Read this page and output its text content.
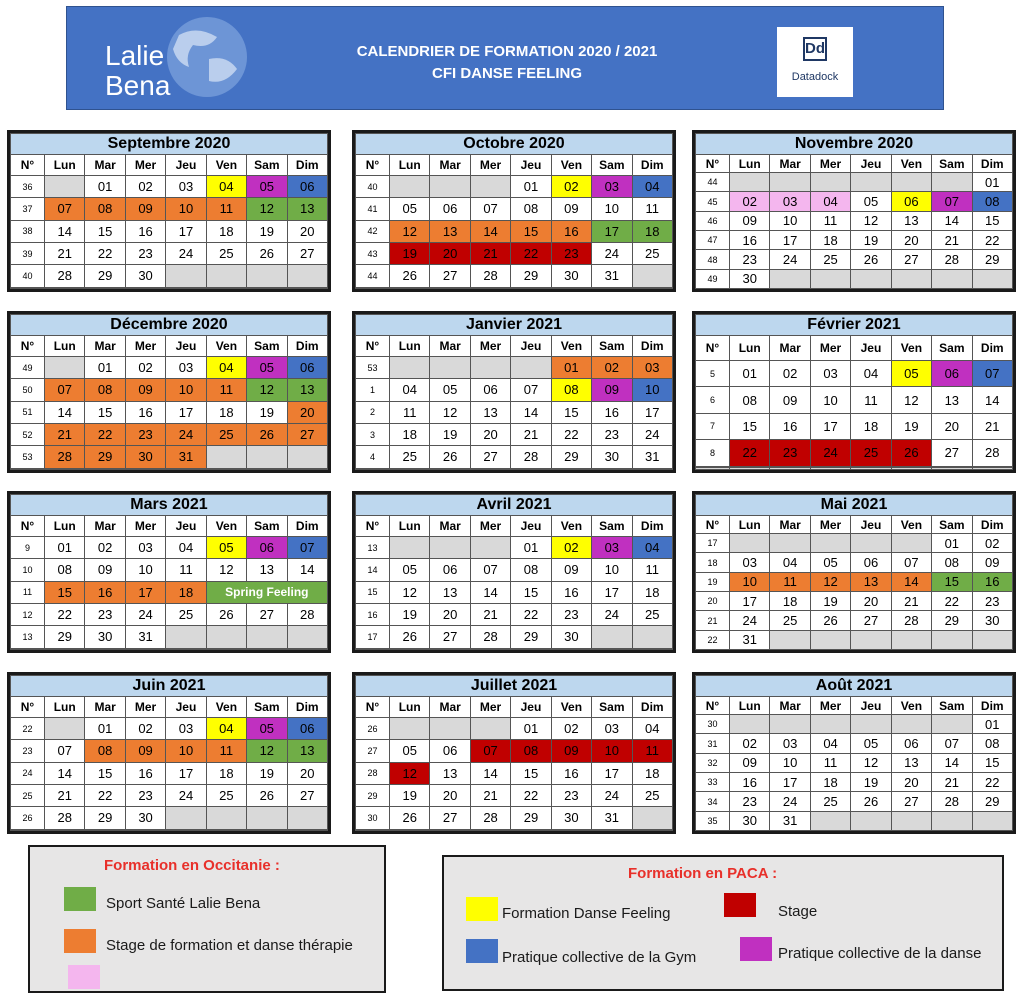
Lalie
Bena
CALENDRIER DE FORMATION 2020 / 2021
CFI DANSE FEELING
Dd
Datadock
Septembre 2020							
N°	Lun	Mar	Mer	Jeu	Ven	Sam	Dim
36		01	02	03	04	05	06
37	07	08	09	10	11	12	13
38	14	15	16	17	18	19	20
39	21	22	23	24	25	26	27
40	28	29	30				

Octobre 2020							
N°	Lun	Mar	Mer	Jeu	Ven	Sam	Dim
40				01	02	03	04
41	05	06	07	08	09	10	11
42	12	13	14	15	16	17	18
43	19	20	21	22	23	24	25
44	26	27	28	29	30	31	

Novembre 2020							
N°	Lun	Mar	Mer	Jeu	Ven	Sam	Dim
44							01
45	02	03	04	05	06	07	08
46	09	10	11	12	13	14	15
47	16	17	18	19	20	21	22
48	23	24	25	26	27	28	29
49	30						
Décembre 2020							
N°	Lun	Mar	Mer	Jeu	Ven	Sam	Dim
49		01	02	03	04	05	06
50	07	08	09	10	11	12	13
51	14	15	16	17	18	19	20
52	21	22	23	24	25	26	27
53	28	29	30	31			

Janvier 2021							
N°	Lun	Mar	Mer	Jeu	Ven	Sam	Dim
53					01	02	03
1	04	05	06	07	08	09	10
2	11	12	13	14	15	16	17
3	18	19	20	21	22	23	24
4	25	26	27	28	29	30	31

Février 2021							
N°	Lun	Mar	Mer	Jeu	Ven	Sam	Dim
5	01	02	03	04	05	06	07
6	08	09	10	11	12	13	14
7	15	16	17	18	19	20	21
8	22	23	24	25	26	27	28

Mars 2021							
N°	Lun	Mar	Mer	Jeu	Ven	Sam	Dim
9	01	02	03	04	05	06	07
10	08	09	10	11	12	13	14
11	15	16	17	18	Spring Feeling		
12	22	23	24	25	26	27	28
13	29	30	31				

Avril 2021							
N°	Lun	Mar	Mer	Jeu	Ven	Sam	Dim
13				01	02	03	04
14	05	06	07	08	09	10	11
15	12	13	14	15	16	17	18
16	19	20	21	22	23	24	25
17	26	27	28	29	30		

Mai 2021							
N°	Lun	Mar	Mer	Jeu	Ven	Sam	Dim
17						01	02
18	03	04	05	06	07	08	09
19	10	11	12	13	14	15	16
20	17	18	19	20	21	22	23
21	24	25	26	27	28	29	30
22	31						
Juin 2021							
N°	Lun	Mar	Mer	Jeu	Ven	Sam	Dim
22		01	02	03	04	05	06
23	07	08	09	10	11	12	13
24	14	15	16	17	18	19	20
25	21	22	23	24	25	26	27
26	28	29	30				

Juillet 2021							
N°	Lun	Mar	Mer	Jeu	Ven	Sam	Dim
26				01	02	03	04
27	05	06	07	08	09	10	11
28	12	13	14	15	16	17	18
29	19	20	21	22	23	24	25
30	26	27	28	29	30	31	

Août 2021							
N°	Lun	Mar	Mer	Jeu	Ven	Sam	Dim
30							01
31	02	03	04	05	06	07	08
32	09	10	11	12	13	14	15
33	16	17	18	19	20	21	22
34	23	24	25	26	27	28	29
35	30	31					
Formation en Occitanie :
Sport Santé Lalie Bena
Stage de formation et danse thérapie
Formation en PACA :
Formation Danse Feeling	Stage
Pratique collective de la Gym	Pratique collective de la danse
